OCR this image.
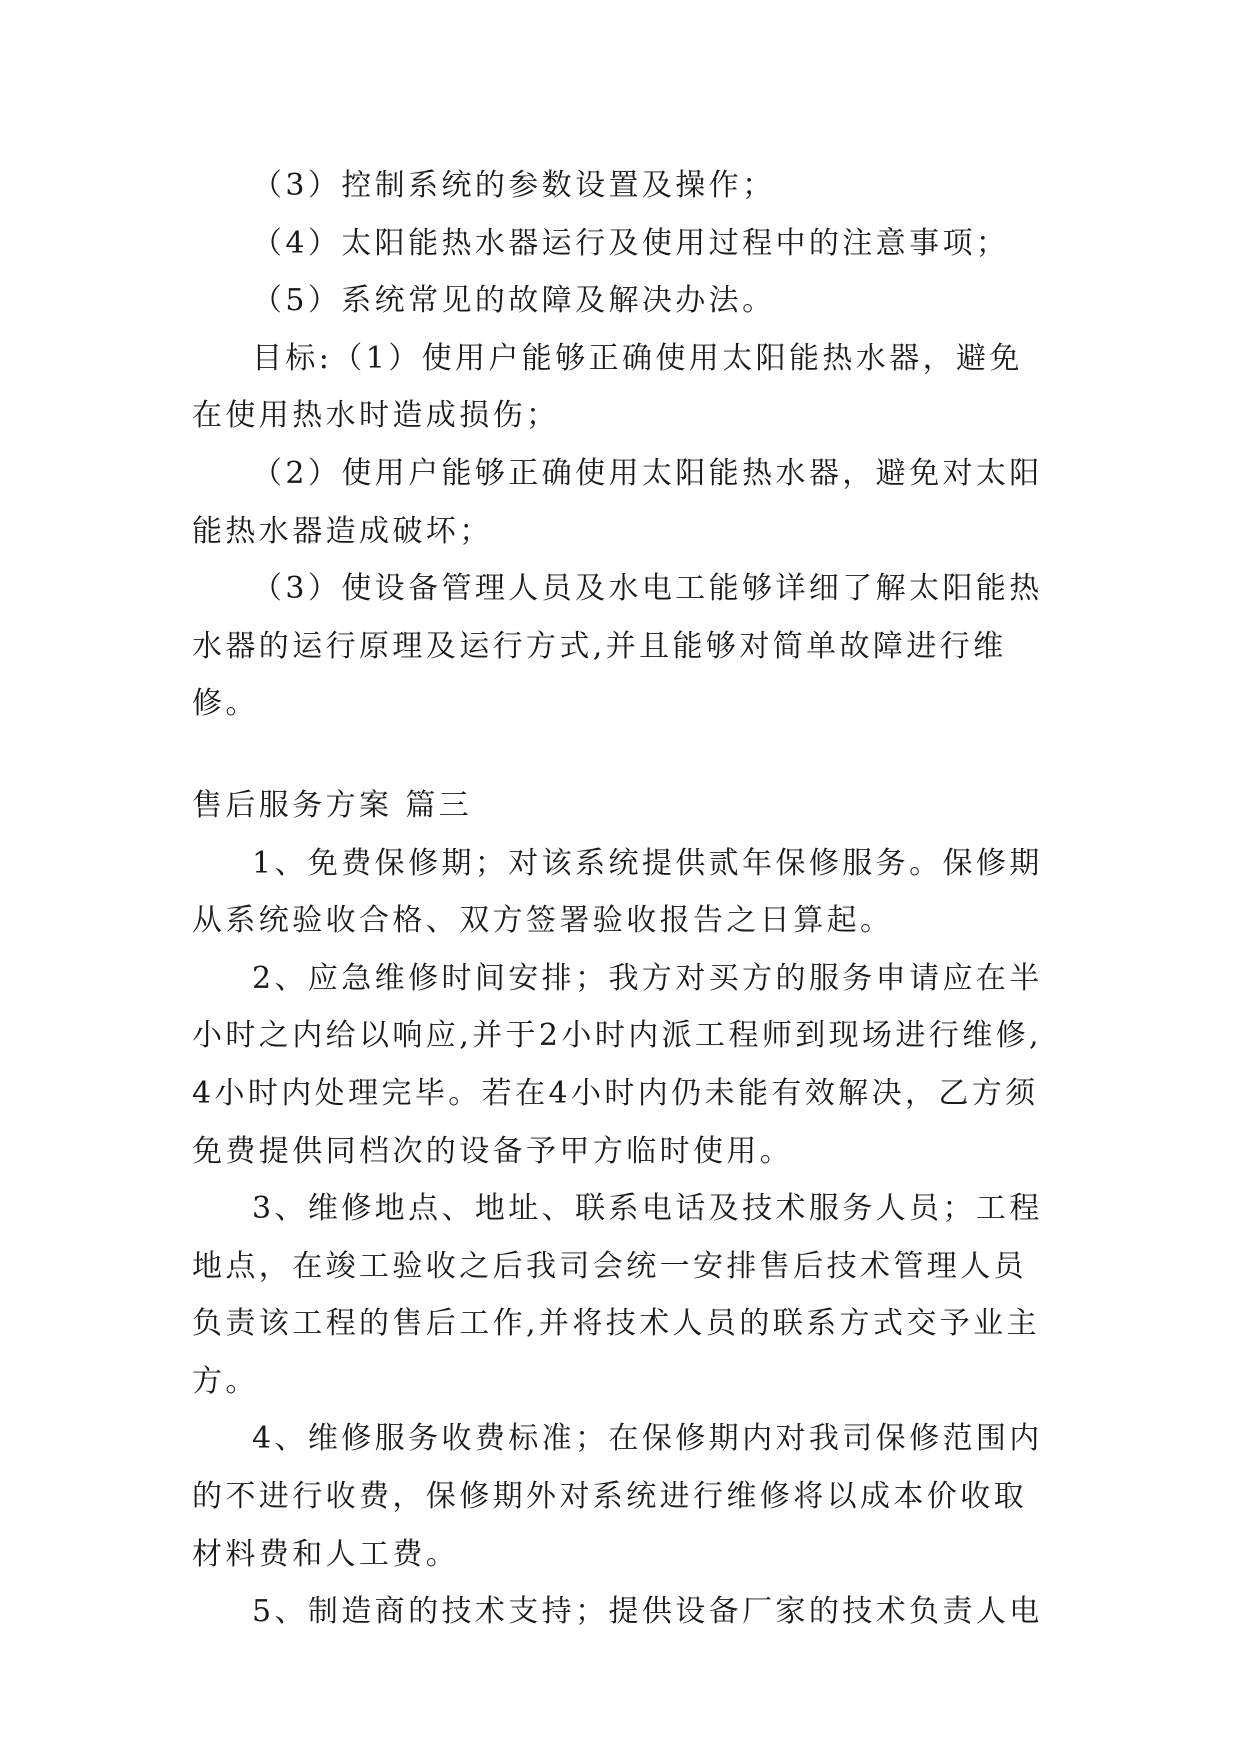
（3）控制系统的参数设置及操作；

（4）太阳能热水器运行及使用过程中的注意事项；

（5）系统常见的故障及解决办法。

目标:（1）使用户能够正确使用太阳能热水器，避免在使用热水时造成损伤；

（2）使用户能够正确使用太阳能热水器，避免对太阳能热水器造成破坏；

（3）使设备管理人员及水电工能够详细了解太阳能热水器的运行原理及运行方式,并且能够对简单故障进行维修。

售后服务方案 篇三

1、免费保修期；对该系统提供贰年保修服务。保修期从系统验收合格、双方签署验收报告之日算起。

2、应急维修时间安排；我方对买方的服务申请应在半小时之内给以响应,并于2小时内派工程师到现场进行维修,4小时内处理完毕。若在4小时内仍未能有效解决，乙方须免费提供同档次的设备予甲方临时使用。

3、维修地点、地址、联系电话及技术服务人员；工程地点，在竣工验收之后我司会统一安排售后技术管理人员负责该工程的售后工作,并将技术人员的联系方式交予业主方。

4、维修服务收费标准；在保修期内对我司保修范围内的不进行收费，保修期外对系统进行维修将以成本价收取材料费和人工费。

5、制造商的技术支持；提供设备厂家的技术负责人电
